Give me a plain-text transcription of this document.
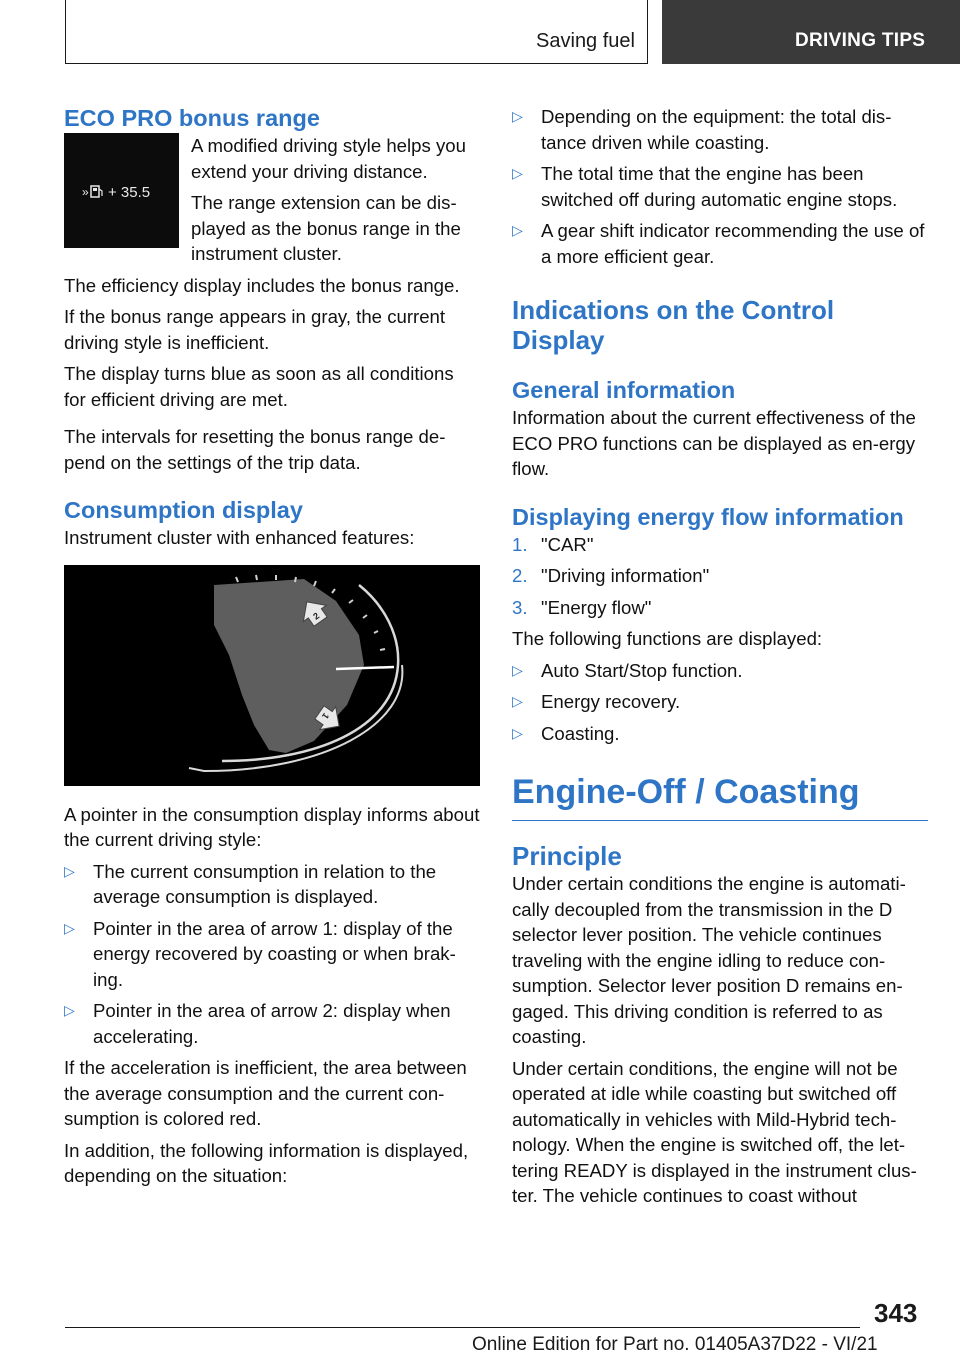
Saving fuel	DRIVING TIPS
ECO PRO bonus range
» + 35.5

A modified driving style helps you extend your driving distance.

The range extension can be dis-played as the bonus range in the instrument cluster.

The efficiency display includes the bonus range.

If the bonus range appears in gray, the current driving style is inefficient.

The display turns blue as soon as all conditions for efficient driving are met.

The intervals for resetting the bonus range de-pend on the settings of the trip data.

Consumption display

Instrument cluster with enhanced features:

2
1

A pointer in the consumption display informs about the current driving style:

▷ The current consumption in relation to the average consumption is displayed.
▷ Pointer in the area of arrow 1: display of the energy recovered by coasting or when brak-ing.
▷ Pointer in the area of arrow 2: display when accelerating.

If the acceleration is inefficient, the area between the average consumption and the current con-sumption is colored red.

In addition, the following information is displayed, depending on the situation:

▷ Depending on the equipment: the total dis-tance driven while coasting.
▷ The total time that the engine has been switched off during automatic engine stops.
▷ A gear shift indicator recommending the use of a more efficient gear.
Indications on the Control Display
General information

Information about the current effectiveness of the ECO PRO functions can be displayed as en-ergy flow.

Displaying energy flow information
1. "CAR"
2. "Driving information"
3. "Energy flow"

The following functions are displayed:

▷ Auto Start/Stop function.
▷ Energy recovery.
▷ Coasting.
Engine-Off / Coasting
Principle

Under certain conditions the engine is automati-cally decoupled from the transmission in the D selector lever position. The vehicle continues traveling with the engine idling to reduce con-sumption. Selector lever position D remains en-gaged. This driving condition is referred to as coasting.

Under certain conditions, the engine will not be operated at idle while coasting but switched off automatically in vehicles with Mild-Hybrid tech-nology. When the engine is switched off, the let-tering READY is displayed in the instrument clus-ter. The vehicle continues to coast without

343
Online Edition for Part no. 01405A37D22 - VI/21
